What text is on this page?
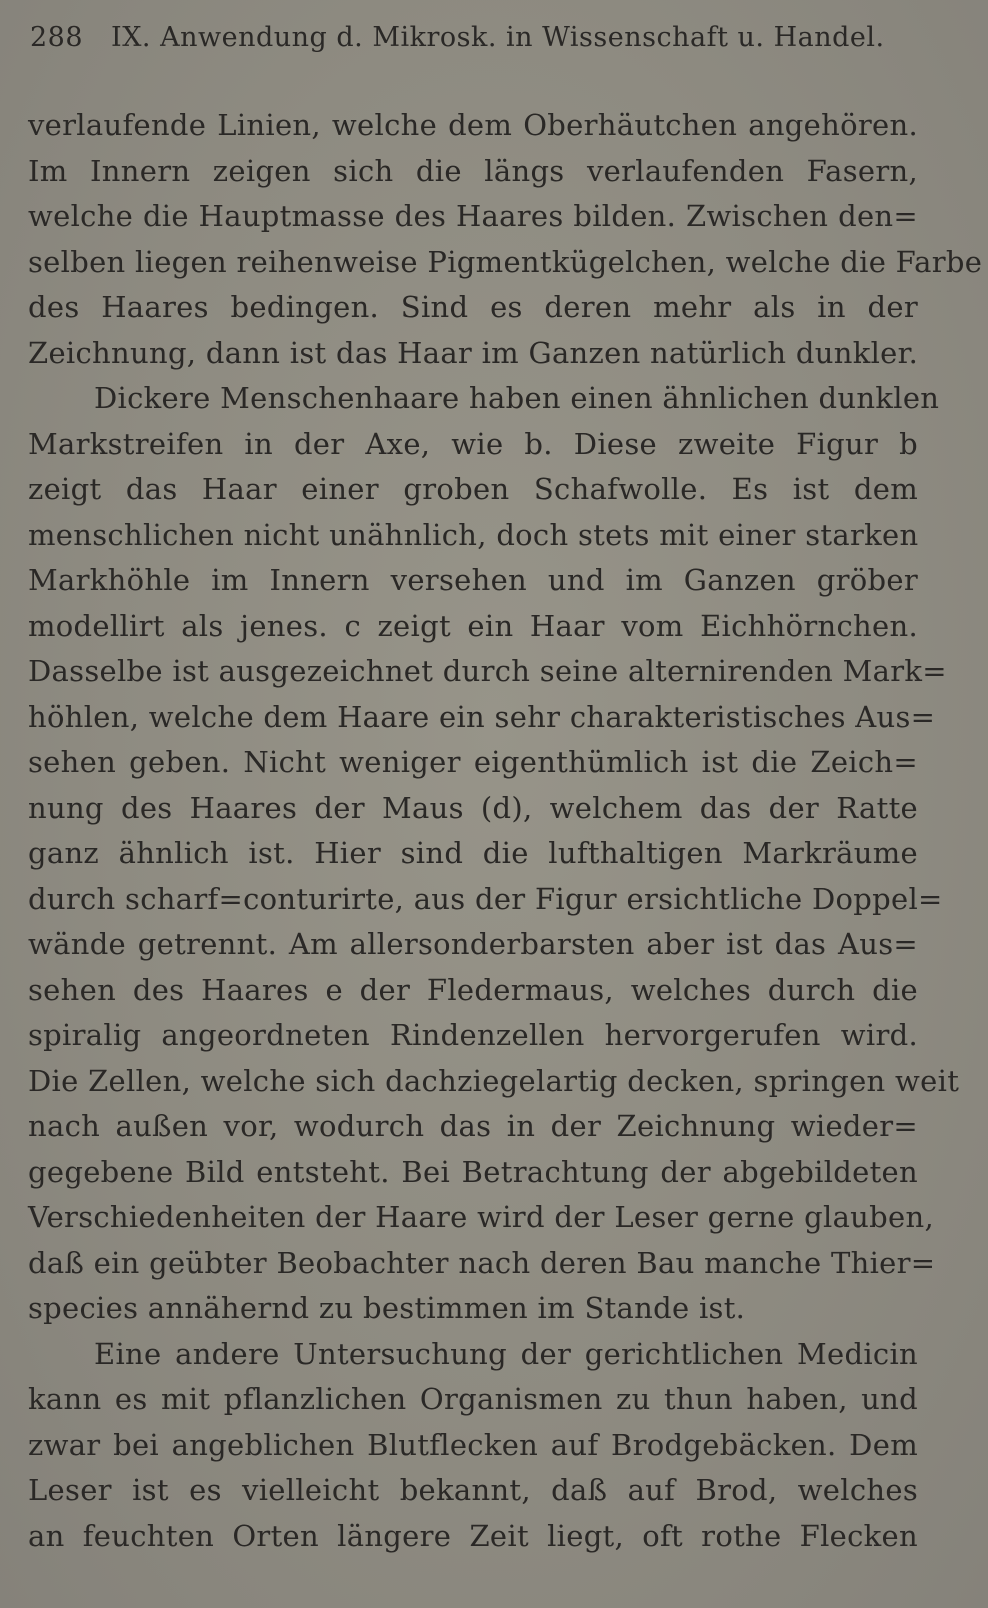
288 IX. Anwendung d. Mikrosk. in Wissenschaft u. Handel.
verlaufende Linien, welche dem Oberhäutchen angehören.
Im Innern zeigen sich die längs verlaufenden Fasern,
welche die Hauptmasse des Haares bilden. Zwischen den=
selben liegen reihenweise Pigmentkügelchen, welche die Farbe
des Haares bedingen. Sind es deren mehr als in der
Zeichnung, dann ist das Haar im Ganzen natürlich dunkler.
Dickere Menschenhaare haben einen ähnlichen dunklen
Markstreifen in der Axe, wie b. Diese zweite Figur b
zeigt das Haar einer groben Schafwolle. Es ist dem
menschlichen nicht unähnlich, doch stets mit einer starken
Markhöhle im Innern versehen und im Ganzen gröber
modellirt als jenes. c zeigt ein Haar vom Eichhörnchen.
Dasselbe ist ausgezeichnet durch seine alternirenden Mark=
höhlen, welche dem Haare ein sehr charakteristisches Aus=
sehen geben. Nicht weniger eigenthümlich ist die Zeich=
nung des Haares der Maus (d), welchem das der Ratte
ganz ähnlich ist. Hier sind die lufthaltigen Markräume
durch scharf=conturirte, aus der Figur ersichtliche Doppel=
wände getrennt. Am allersonderbarsten aber ist das Aus=
sehen des Haares e der Fledermaus, welches durch die
spiralig angeordneten Rindenzellen hervorgerufen wird.
Die Zellen, welche sich dachziegelartig decken, springen weit
nach außen vor, wodurch das in der Zeichnung wieder=
gegebene Bild entsteht. Bei Betrachtung der abgebildeten
Verschiedenheiten der Haare wird der Leser gerne glauben,
daß ein geübter Beobachter nach deren Bau manche Thier=
species annähernd zu bestimmen im Stande ist.
Eine andere Untersuchung der gerichtlichen Medicin
kann es mit pflanzlichen Organismen zu thun haben, und
zwar bei angeblichen Blutflecken auf Brodgebäcken. Dem
Leser ist es vielleicht bekannt, daß auf Brod, welches
an feuchten Orten längere Zeit liegt, oft rothe Flecken
